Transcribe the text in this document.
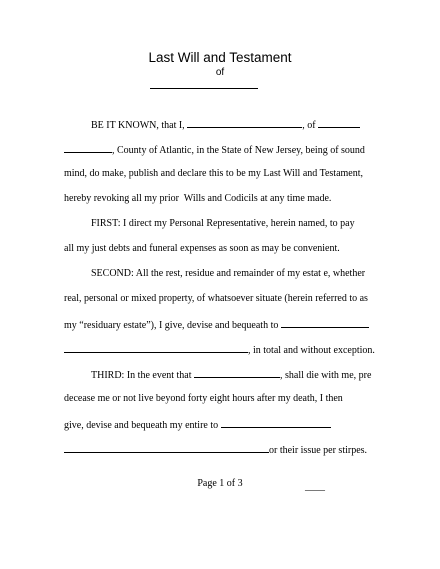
Last Will and Testament
of
BE IT KNOWN, that I,	, of
, County of Atlantic, in the State of New Jersey, being of sound
mind, do make, publish and declare this to be my Last Will and Testament,
hereby revoking all my prior  Wills and Codicils at any time made.
FIRST: I direct my Personal Representative, herein named, to pay
all my just debts and funeral expenses as soon as may be convenient.
SECOND: All the rest, residue and remainder of my estat e, whether
real, personal or mixed property, of whatsoever situate (herein referred to as
my “residuary estate”), I give, devise and bequeath to
, in total and without exception.
THIRD: In the event that	, shall die with me, pre
decease me or not live beyond forty eight hours after my death, I then
give, devise and bequeath my entire to
or their issue per stirpes.
Page 1 of 3	____
